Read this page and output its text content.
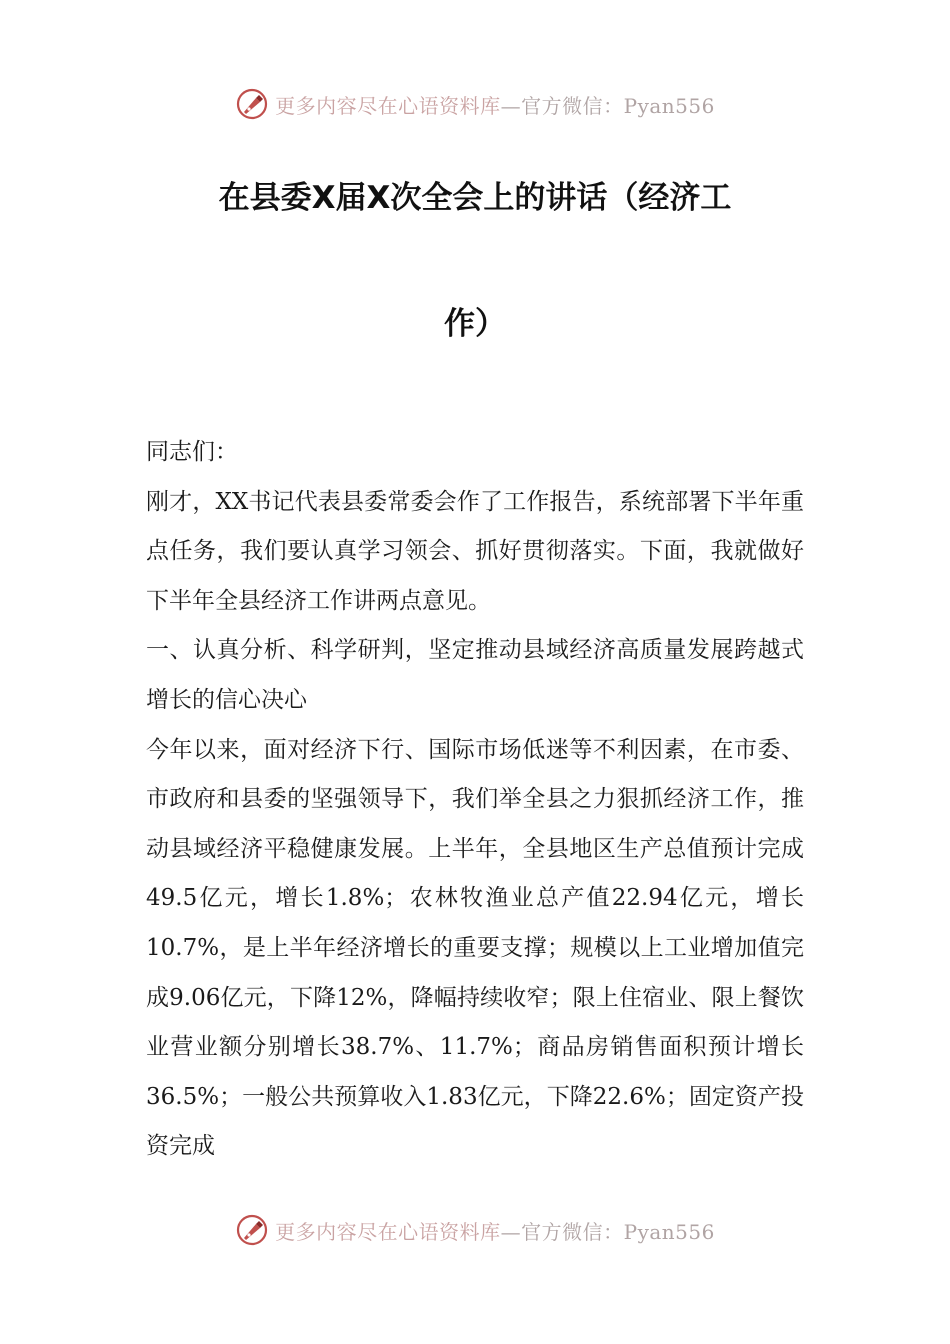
更多内容尽在心语资料库—官方微信：Pyan556
在县委X届X次全会上的讲话（经济工
作）

同志们：

刚才，XX书记代表县委常委会作了工作报告，系统部署下半年重点任务，我们要认真学习领会、抓好贯彻落实。下面，我就做好下半年全县经济工作讲两点意见。

一、认真分析、科学研判，坚定推动县域经济高质量发展跨越式增长的信心决心

今年以来，面对经济下行、国际市场低迷等不利因素，在市委、市政府和县委的坚强领导下，我们举全县之力狠抓经济工作，推动县域经济平稳健康发展。上半年，全县地区生产总值预计完成49.5亿元，增长1.8%；农林牧渔业总产值22.94亿元，增长10.7%，是上半年经济增长的重要支撑；规模以上工业增加值完成9.06亿元，下降12%，降幅持续收窄；限上住宿业、限上餐饮业营业额分别增长38.7%、11.7%；商品房销售面积预计增长36.5%；一般公共预算收入1.83亿元，下降22.6%；固定资产投资完成

更多内容尽在心语资料库—官方微信：Pyan556
